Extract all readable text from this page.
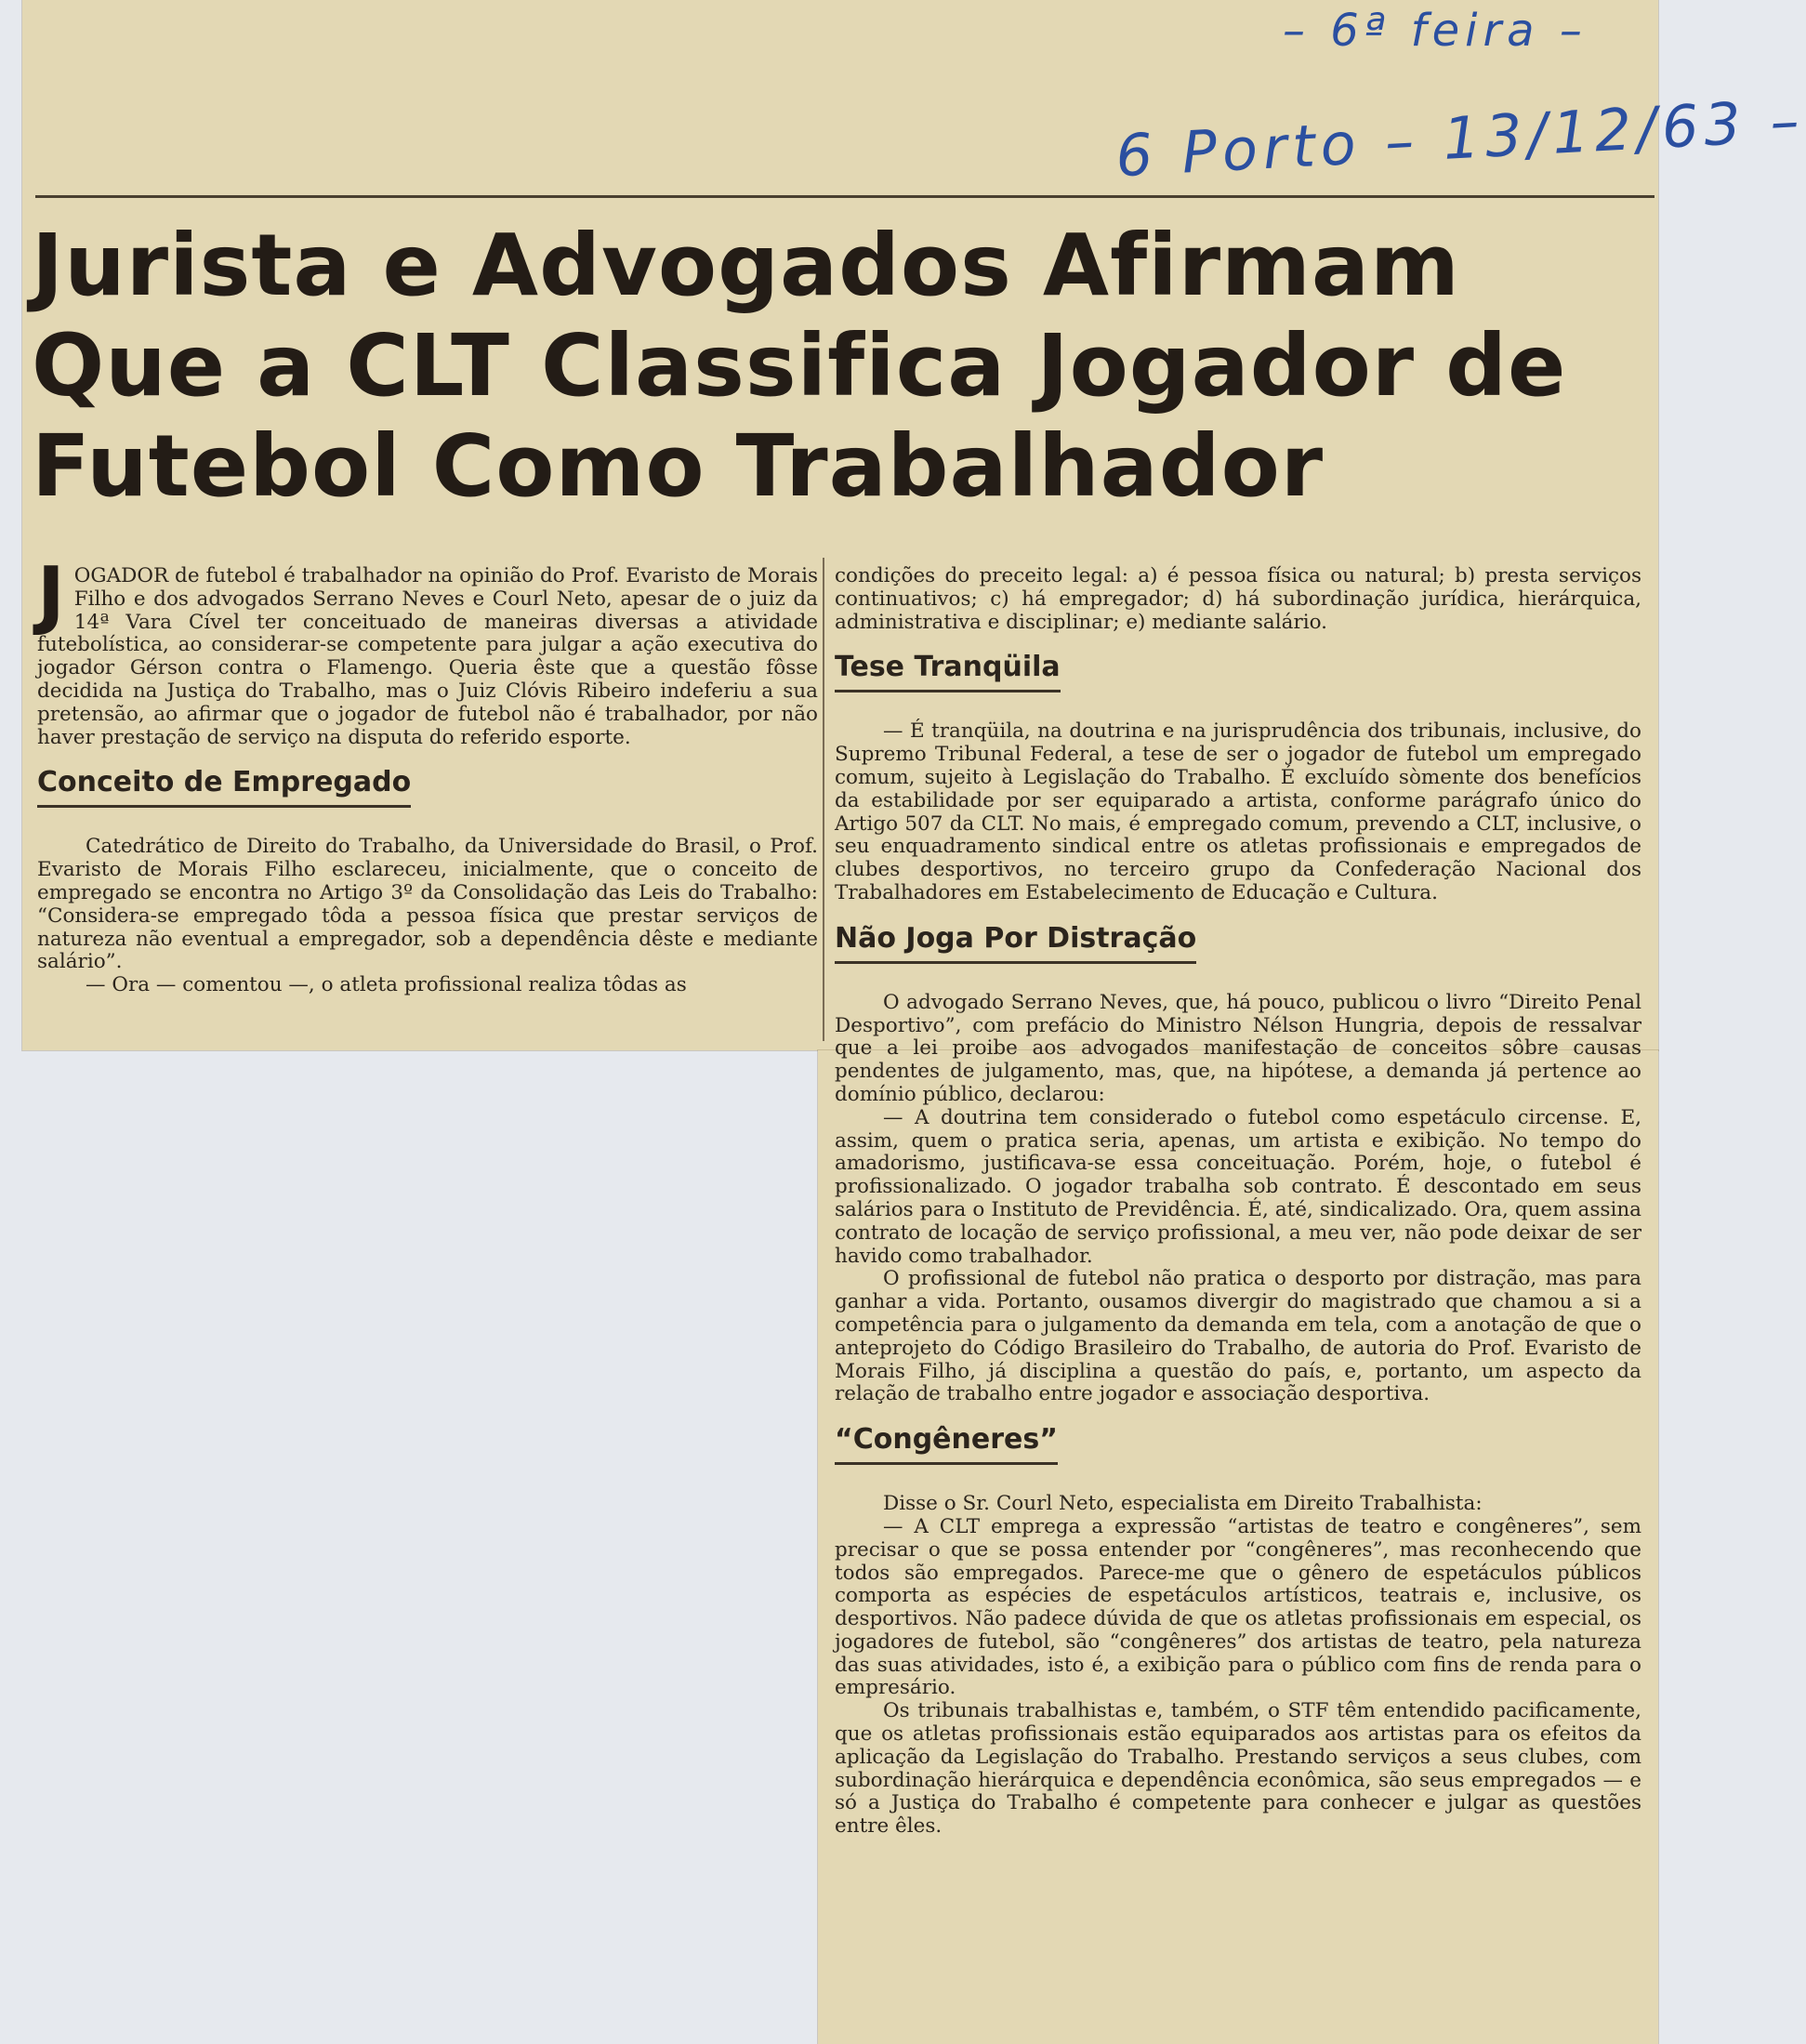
– 6ª feira –
6 Porto – 13/12/63 –
Jurista e Advogados Afirmam Que a CLT Classifica Jogador de Futebol Como Trabalhador

JOGADOR de futebol é trabalhador na opinião do Prof. Evaristo de Morais Filho e dos advogados Serrano Neves e Courl Neto, apesar de o juiz da 14ª Vara Cível ter conceituado de maneiras diversas a atividade futebolística, ao considerar-se competente para julgar a ação executiva do jogador Gérson contra o Flamengo. Queria êste que a questão fôsse decidida na Justiça do Trabalho, mas o Juiz Clóvis Ribeiro indeferiu a sua pretensão, ao afirmar que o jogador de futebol não é trabalhador, por não haver prestação de serviço na disputa do referido esporte.

Conceito de Empregado

Catedrático de Direito do Trabalho, da Universidade do Brasil, o Prof. Evaristo de Morais Filho esclareceu, inicialmente, que o conceito de empregado se encontra no Artigo 3º da Consolidação das Leis do Trabalho: “Considera-se empregado tôda a pessoa física que prestar serviços de natureza não eventual a empregador, sob a dependência dêste e mediante salário”.

— Ora — comentou —, o atleta profissional realiza tôdas as

condições do preceito legal: a) é pessoa física ou natural; b) presta serviços continuativos; c) há empregador; d) há subordinação jurídica, hierárquica, administrativa e disciplinar; e) mediante salário.

Tese Tranqüila

— É tranqüila, na doutrina e na jurisprudência dos tribunais, inclusive, do Supremo Tribunal Federal, a tese de ser o jogador de futebol um empregado comum, sujeito à Legislação do Trabalho. É excluído sòmente dos benefícios da estabilidade por ser equiparado a artista, conforme parágrafo único do Artigo 507 da CLT. No mais, é empregado comum, prevendo a CLT, inclusive, o seu enquadramento sindical entre os atletas profissionais e empregados de clubes desportivos, no terceiro grupo da Confederação Nacional dos Trabalhadores em Estabelecimento de Educação e Cultura.

Não Joga Por Distração

O advogado Serrano Neves, que, há pouco, publicou o livro “Direito Penal Desportivo”, com prefácio do Ministro Nélson Hungria, depois de ressalvar que a lei proibe aos advogados manifestação de conceitos sôbre causas pendentes de julgamento, mas, que, na hipótese, a demanda já pertence ao domínio público, declarou:

— A doutrina tem considerado o futebol como espetáculo circense. E, assim, quem o pratica seria, apenas, um artista e exibição. No tempo do amadorismo, justificava-se essa conceituação. Porém, hoje, o futebol é profissionalizado. O jogador trabalha sob contrato. É descontado em seus salários para o Instituto de Previdência. É, até, sindicalizado. Ora, quem assina contrato de locação de serviço profissional, a meu ver, não pode deixar de ser havido como trabalhador.

O profissional de futebol não pratica o desporto por distração, mas para ganhar a vida. Portanto, ousamos divergir do magistrado que chamou a si a competência para o julgamento da demanda em tela, com a anotação de que o anteprojeto do Código Brasileiro do Trabalho, de autoria do Prof. Evaristo de Morais Filho, já disciplina a questão do país, e, portanto, um aspecto da relação de trabalho entre jogador e associação desportiva.

“Congêneres”

Disse o Sr. Courl Neto, especialista em Direito Trabalhista:

— A CLT emprega a expressão “artistas de teatro e congêneres”, sem precisar o que se possa entender por “congêneres”, mas reconhecendo que todos são empregados. Parece-me que o gênero de espetáculos públicos comporta as espécies de espetáculos artísticos, teatrais e, inclusive, os desportivos. Não padece dúvida de que os atletas profissionais em especial, os jogadores de futebol, são “congêneres” dos artistas de teatro, pela natureza das suas atividades, isto é, a exibição para o público com fins de renda para o empresário.

Os tribunais trabalhistas e, também, o STF têm entendido pacificamente, que os atletas profissionais estão equiparados aos artistas para os efeitos da aplicação da Legislação do Trabalho. Prestando serviços a seus clubes, com subordinação hierárquica e dependência econômica, são seus empregados — e só a Justiça do Trabalho é competente para conhecer e julgar as questões entre êles.
